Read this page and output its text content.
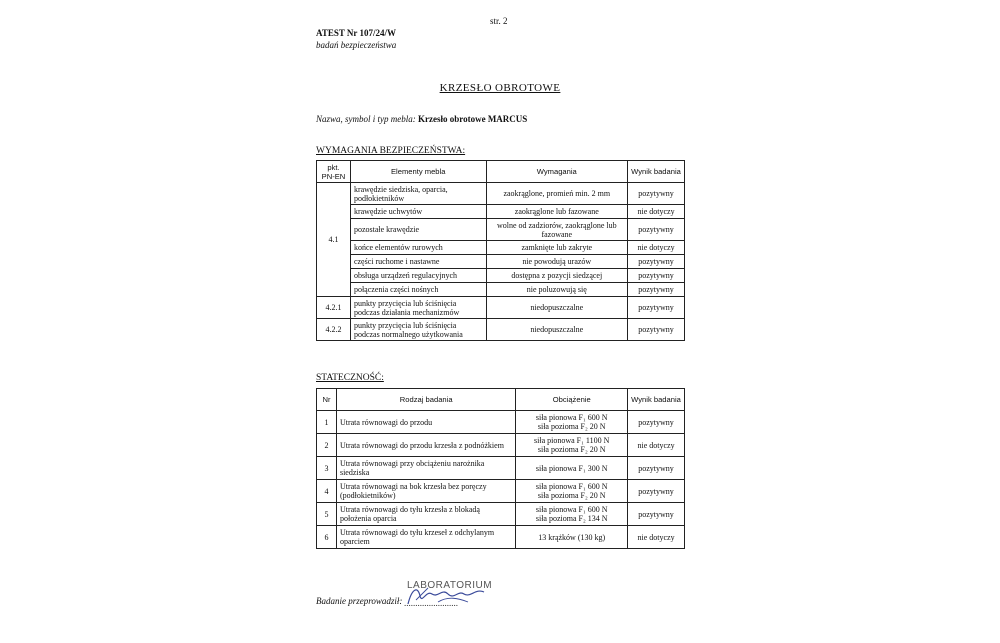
str. 2
ATEST Nr 107/24/W
badań bezpieczeństwa
KRZESŁO OBROTOWE
Nazwa, symbol i typ mebla: Krzesło obrotowe MARCUS
WYMAGANIA BEZPIECZEŃSTWA:
pkt. PN-EN	Elementy mebla	Wymagania	Wynik badania
4.1	krawędzie siedziska, oparcia, podłokietników	zaokrąglone, promień min. 2 mm	pozytywny
	krawędzie uchwytów	zaokrąglone lub fazowane	nie dotyczy
	pozostałe krawędzie	wolne od zadziorów, zaokrąglone lub fazowane	pozytywny
	końce elementów rurowych	zamknięte lub zakryte	nie dotyczy
	części ruchome i nastawne	nie powodują urazów	pozytywny
	obsługa urządzeń regulacyjnych	dostępna z pozycji siedzącej	pozytywny
	połączenia części nośnych	nie poluzowują się	pozytywny
4.2.1	punkty przycięcia lub ściśnięcia podczas działania mechanizmów	niedopuszczalne	pozytywny
4.2.2	punkty przycięcia lub ściśnięcia podczas normalnego użytkowania	niedopuszczalne	pozytywny
STATECZNOŚĆ:
Nr	Rodzaj badania	Obciążenie	Wynik badania
1	Utrata równowagi do przodu	siła pionowa F₁ 600 N
siła pozioma F₂ 20 N	pozytywny
2	Utrata równowagi do przodu krzesła z podnóżkiem	siła pionowa F₁ 1100 N
siła pozioma F₂ 20 N	nie dotyczy
3	Utrata równowagi przy obciążeniu narożnika siedziska	siła pionowa F₁ 300 N	pozytywny
4	Utrata równowagi na bok krzesła bez poręczy (podłokietników)	siła pionowa F₁ 600 N
siła pozioma F₂ 20 N	pozytywny
5	Utrata równowagi do tyłu krzesła z blokadą położenia oparcia	siła pionowa F₁ 600 N
siła pozioma F₂ 134 N	pozytywny
6	Utrata równowagi do tyłu krzeseł z odchylanym oparciem	13 krążków (130 kg)	nie dotyczy
LABORATORIUM
Badanie przeprowadził: ........................
